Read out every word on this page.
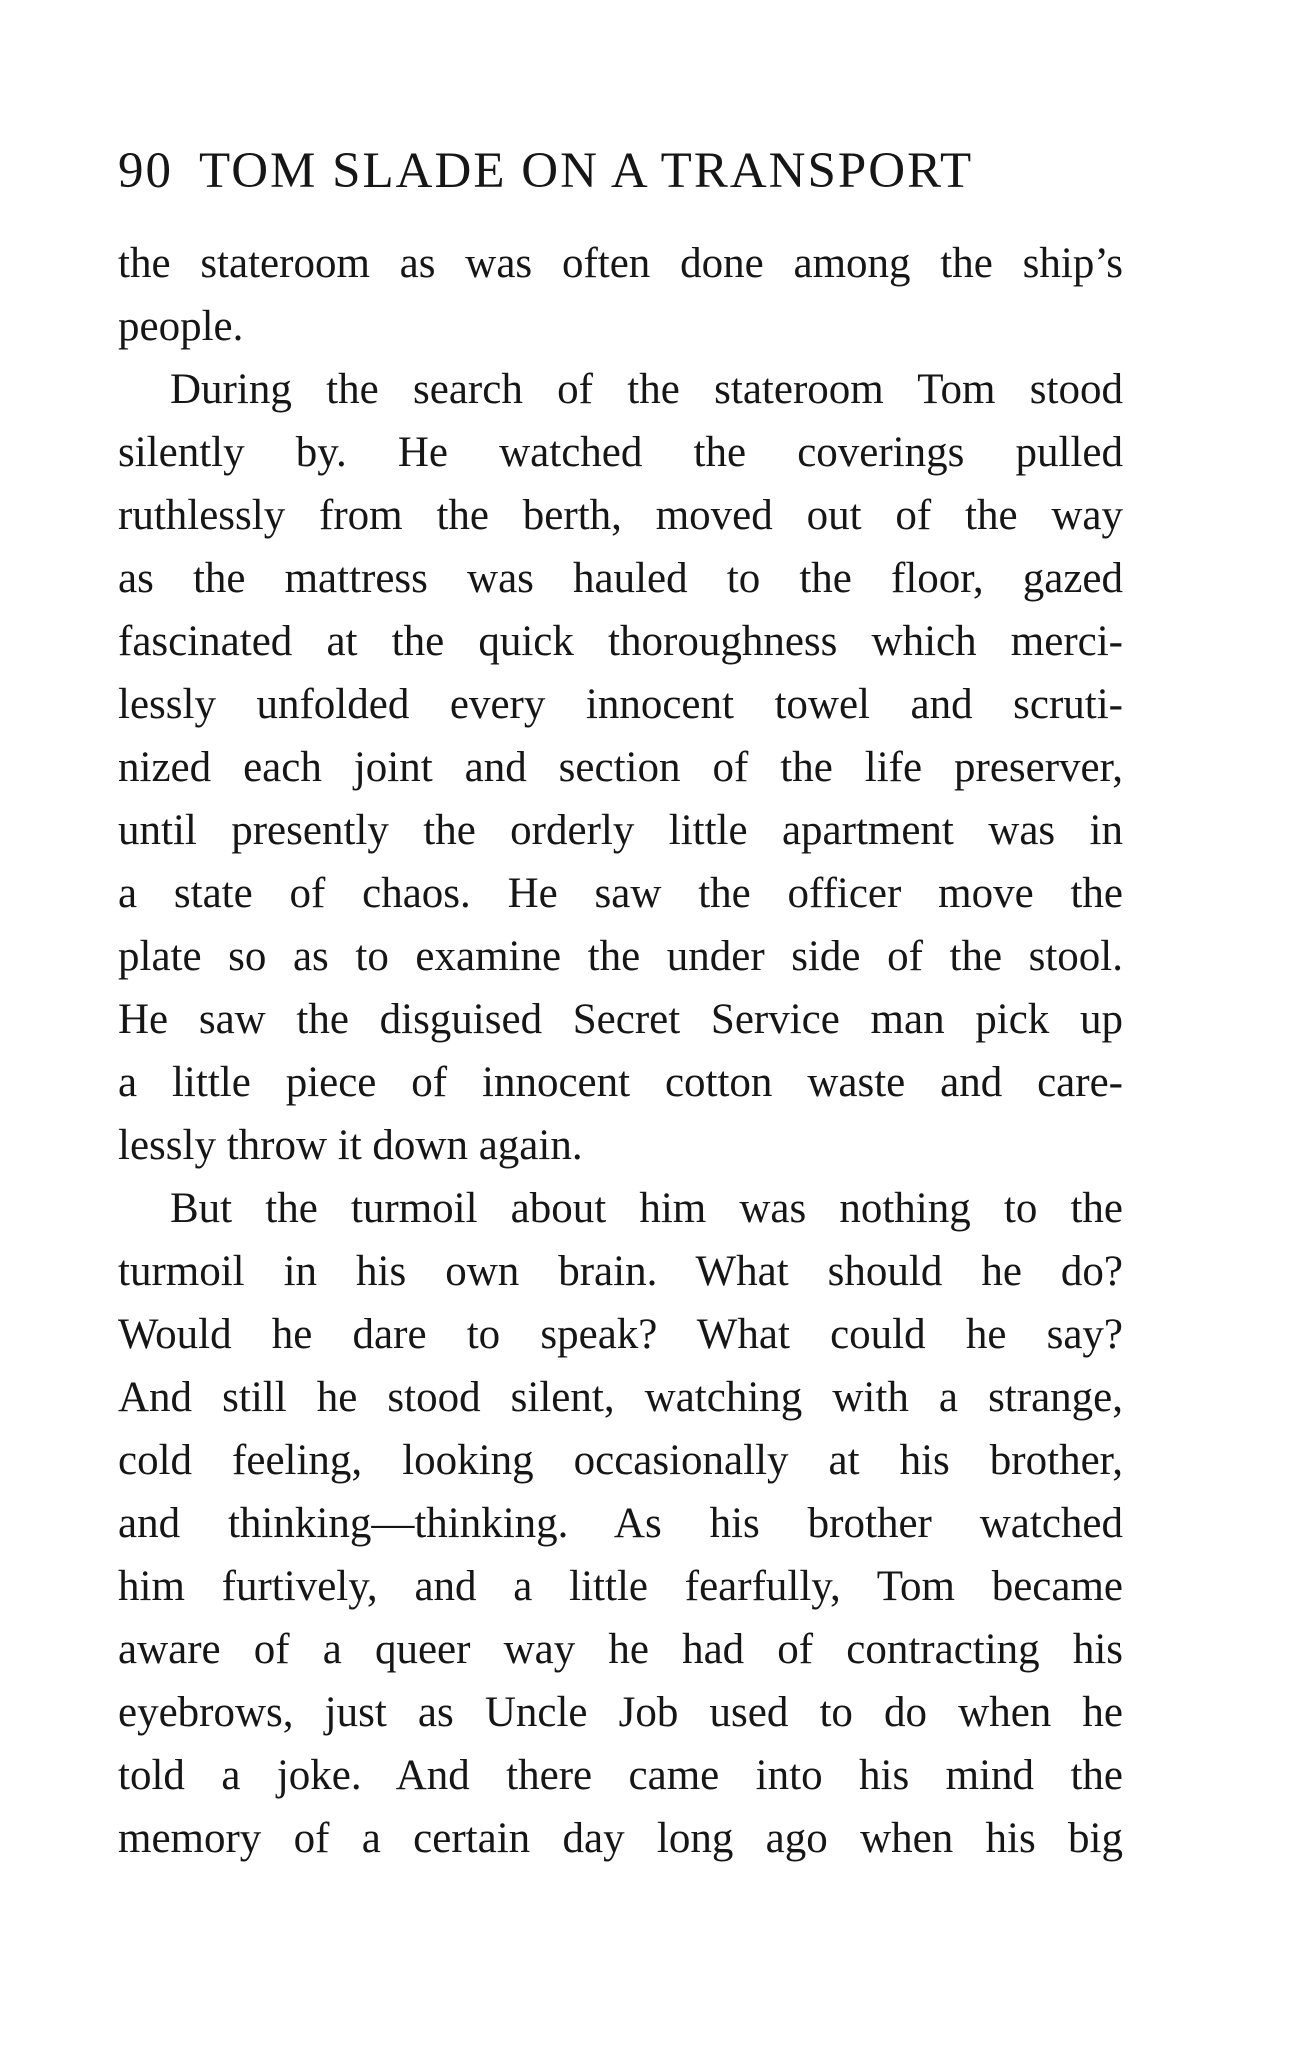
90 TOM SLADE ON A TRANSPORT
the stateroom as was often done among the ship’s
people.
During the search of the stateroom Tom stood
silently by. He watched the coverings pulled
ruthlessly from the berth, moved out of the way
as the mattress was hauled to the floor, gazed
fascinated at the quick thoroughness which merci-
lessly unfolded every innocent towel and scruti-
nized each joint and section of the life preserver,
until presently the orderly little apartment was in
a state of chaos. He saw the officer move the
plate so as to examine the under side of the stool.
He saw the disguised Secret Service man pick up
a little piece of innocent cotton waste and care-
lessly throw it down again.
But the turmoil about him was nothing to the
turmoil in his own brain. What should he do?
Would he dare to speak? What could he say?
And still he stood silent, watching with a strange,
cold feeling, looking occasionally at his brother,
and thinking—thinking. As his brother watched
him furtively, and a little fearfully, Tom became
aware of a queer way he had of contracting his
eyebrows, just as Uncle Job used to do when he
told a joke. And there came into his mind the
memory of a certain day long ago when his big
